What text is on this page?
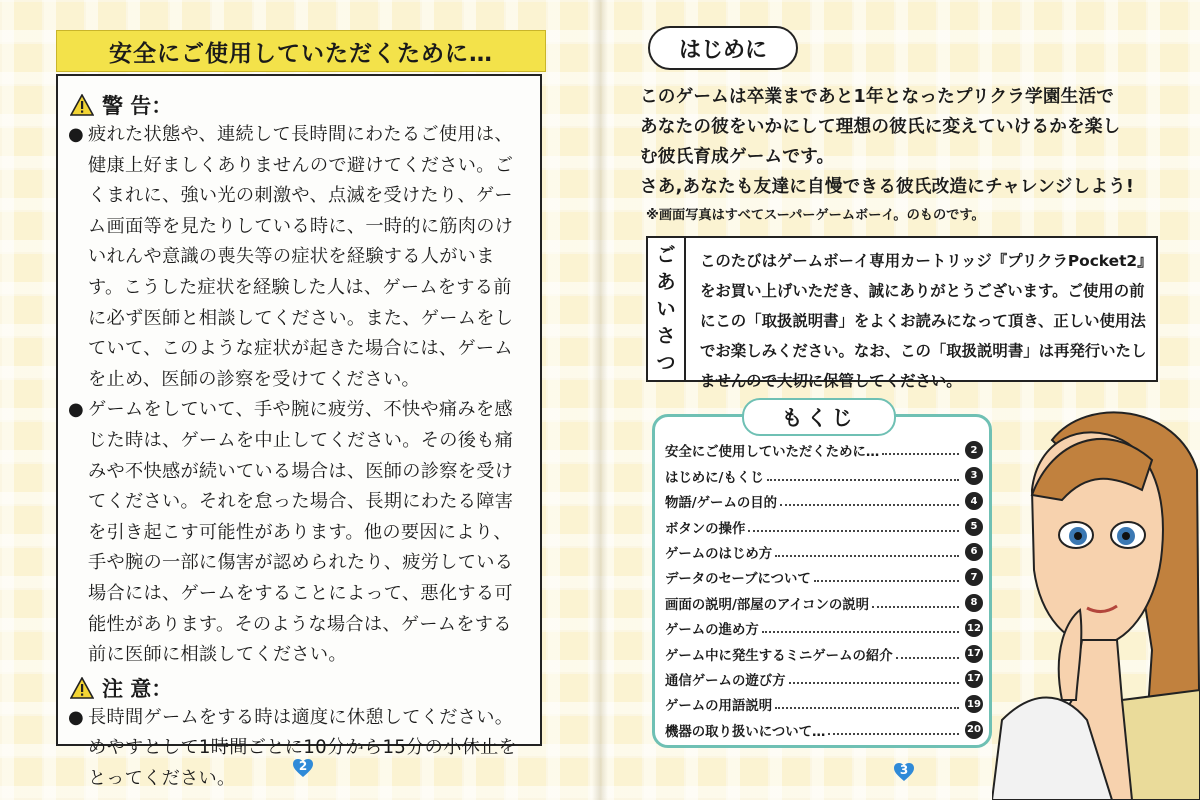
安全にご使用していただくために…
警 告：
● 疲れた状態や、連続して長時間にわたるご使用は、健康上好ましくありませんので避けてください。ごくまれに、強い光の刺激や、点滅を受けたり、ゲーム画面等を見たりしている時に、一時的に筋肉のけいれんや意識の喪失等の症状を経験する人がいます。こうした症状を経験した人は、ゲームをする前に必ず医師と相談してください。また、ゲームをしていて、このような症状が起きた場合には、ゲームを止め、医師の診察を受けてください。
● ゲームをしていて、手や腕に疲労、不快や痛みを感じた時は、ゲームを中止してください。その後も痛みや不快感が続いている場合は、医師の診察を受けてください。それを怠った場合、長期にわたる障害を引き起こす可能性があります。他の要因により、手や腕の一部に傷害が認められたり、疲労している場合には、ゲームをすることによって、悪化する可能性があります。そのような場合は、ゲームをする前に医師に相談してください。
注 意：
● 長時間ゲームをする時は適度に休憩してください。めやすとして1時間ごとに10分から15分の小休止をとってください。
2
はじめに
このゲームは卒業まであと1年となったプリクラ学園生活で
あなたの彼をいかにして理想の彼氏に変えていけるかを楽し
む彼氏育成ゲームです。
さあ,あなたも友達に自慢できる彼氏改造にチャレンジしよう!
※画面写真はすべてスーパーゲームボーイ。のものです。
ご
あ
い
さ
つ
このたびはゲームボーイ専用カートリッジ『プリクラPocket2』をお買い上げいただき、誠にありがとうございます。ご使用の前にこの「取扱説明書」をよくお読みになって頂き、正しい使用法でお楽しみください。なお、この「取扱説明書」は再発行いたしませんので大切に保管してください。
もくじ
安全にご使用していただくために…	2
はじめに/もくじ	3
物語/ゲームの目的	4
ボタンの操作	5
ゲームのはじめ方	6
データのセーブについて	7
画面の説明/部屋のアイコンの説明	8
ゲームの進め方	12
ゲーム中に発生するミニゲームの紹介	17
通信ゲームの遊び方	17
ゲームの用語説明	19
機器の取り扱いについて…	20
3
